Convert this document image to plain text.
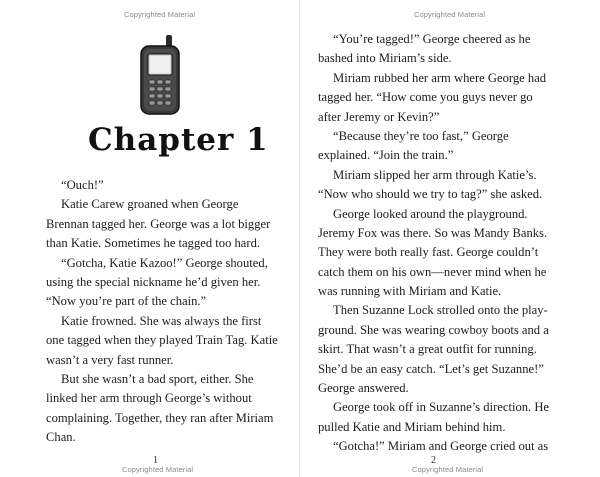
Copyrighted Material
Chapter 1
“Ouch!”
Katie Carew groaned when George
Brennan tagged her. George was a lot bigger
than Katie. Sometimes he tagged too hard.
“Gotcha, Katie Kazoo!” George shouted,
using the special nickname he’d given her.
“Now you’re part of the chain.”
Katie frowned. She was always the first
one tagged when they played Train Tag. Katie
wasn’t a very fast runner.
But she wasn’t a bad sport, either. She
linked her arm through George’s without
complaining. Together, they ran after Miriam
Chan.
1
Copyrighted Material
Copyrighted Material
“You’re tagged!” George cheered as he
bashed into Miriam’s side.
Miriam rubbed her arm where George had
tagged her. “How come you guys never go
after Jeremy or Kevin?”
“Because they’re too fast,” George
explained. “Join the train.”
Miriam slipped her arm through Katie’s.
“Now who should we try to tag?” she asked.
George looked around the playground.
Jeremy Fox was there. So was Mandy Banks.
They were both really fast. George couldn’t
catch them on his own—never mind when he
was running with Miriam and Katie.
Then Suzanne Lock strolled onto the play-
ground. She was wearing cowboy boots and a
skirt. That wasn’t a great outfit for running.
She’d be an easy catch. “Let’s get Suzanne!”
George answered.
George took off in Suzanne’s direction. He
pulled Katie and Miriam behind him.
“Gotcha!” Miriam and George cried out as
2
Copyrighted Material
